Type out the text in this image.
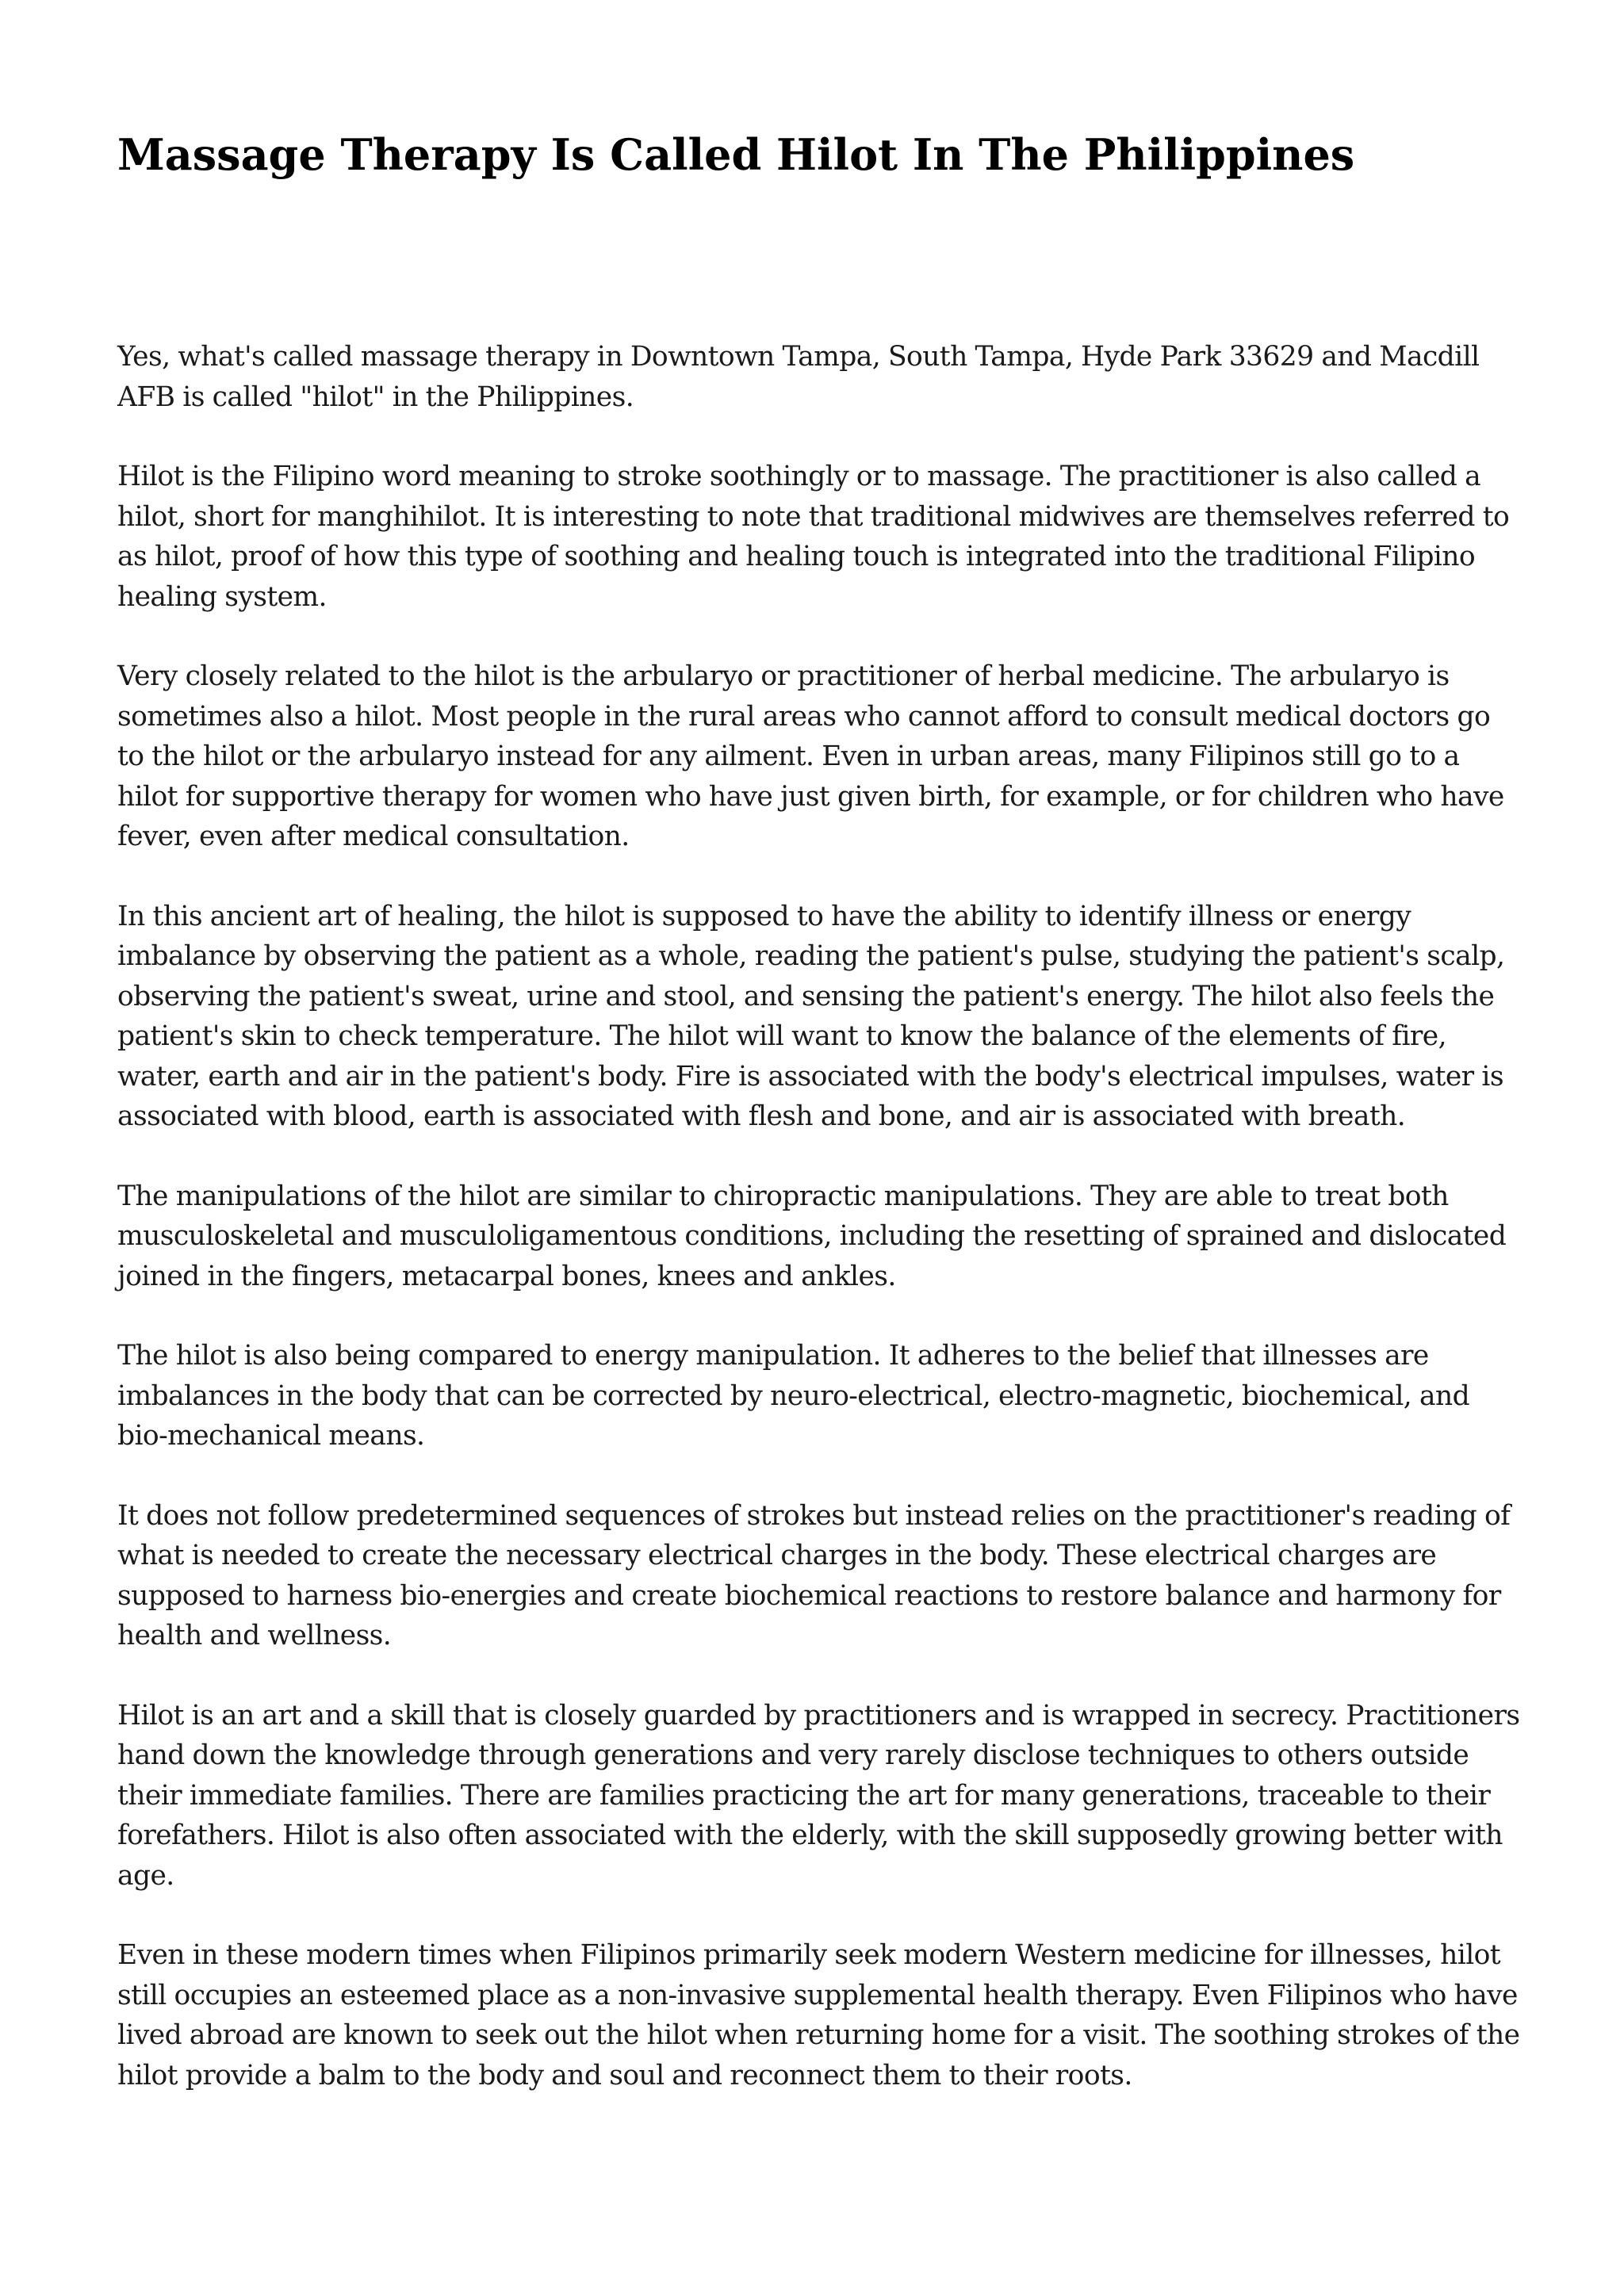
Massage Therapy Is Called Hilot In The Philippines

Yes, what's called massage therapy in Downtown Tampa, South Tampa, Hyde Park 33629 and Macdill AFB is called "hilot" in the Philippines.

Hilot is the Filipino word meaning to stroke soothingly or to massage. The practitioner is also called a hilot, short for manghihilot. It is interesting to note that traditional midwives are themselves referred to as hilot, proof of how this type of soothing and healing touch is integrated into the traditional Filipino healing system.

Very closely related to the hilot is the arbularyo or practitioner of herbal medicine. The arbularyo is sometimes also a hilot. Most people in the rural areas who cannot afford to consult medical doctors go to the hilot or the arbularyo instead for any ailment. Even in urban areas, many Filipinos still go to a hilot for supportive therapy for women who have just given birth, for example, or for children who have fever, even after medical consultation.

In this ancient art of healing, the hilot is supposed to have the ability to identify illness or energy imbalance by observing the patient as a whole, reading the patient's pulse, studying the patient's scalp, observing the patient's sweat, urine and stool, and sensing the patient's energy. The hilot also feels the patient's skin to check temperature. The hilot will want to know the balance of the elements of fire, water, earth and air in the patient's body. Fire is associated with the body's electrical impulses, water is associated with blood, earth is associated with flesh and bone, and air is associated with breath.

The manipulations of the hilot are similar to chiropractic manipulations. They are able to treat both musculoskeletal and musculoligamentous conditions, including the resetting of sprained and dislocated joined in the fingers, metacarpal bones, knees and ankles.

The hilot is also being compared to energy manipulation. It adheres to the belief that illnesses are imbalances in the body that can be corrected by neuro-electrical, electro-magnetic, biochemical, and bio-mechanical means.

It does not follow predetermined sequences of strokes but instead relies on the practitioner's reading of what is needed to create the necessary electrical charges in the body. These electrical charges are supposed to harness bio-energies and create biochemical reactions to restore balance and harmony for health and wellness.

Hilot is an art and a skill that is closely guarded by practitioners and is wrapped in secrecy. Practitioners hand down the knowledge through generations and very rarely disclose techniques to others outside their immediate families. There are families practicing the art for many generations, traceable to their forefathers. Hilot is also often associated with the elderly, with the skill supposedly growing better with age.

Even in these modern times when Filipinos primarily seek modern Western medicine for illnesses, hilot still occupies an esteemed place as a non-invasive supplemental health therapy. Even Filipinos who have lived abroad are known to seek out the hilot when returning home for a visit. The soothing strokes of the hilot provide a balm to the body and soul and reconnect them to their roots.
